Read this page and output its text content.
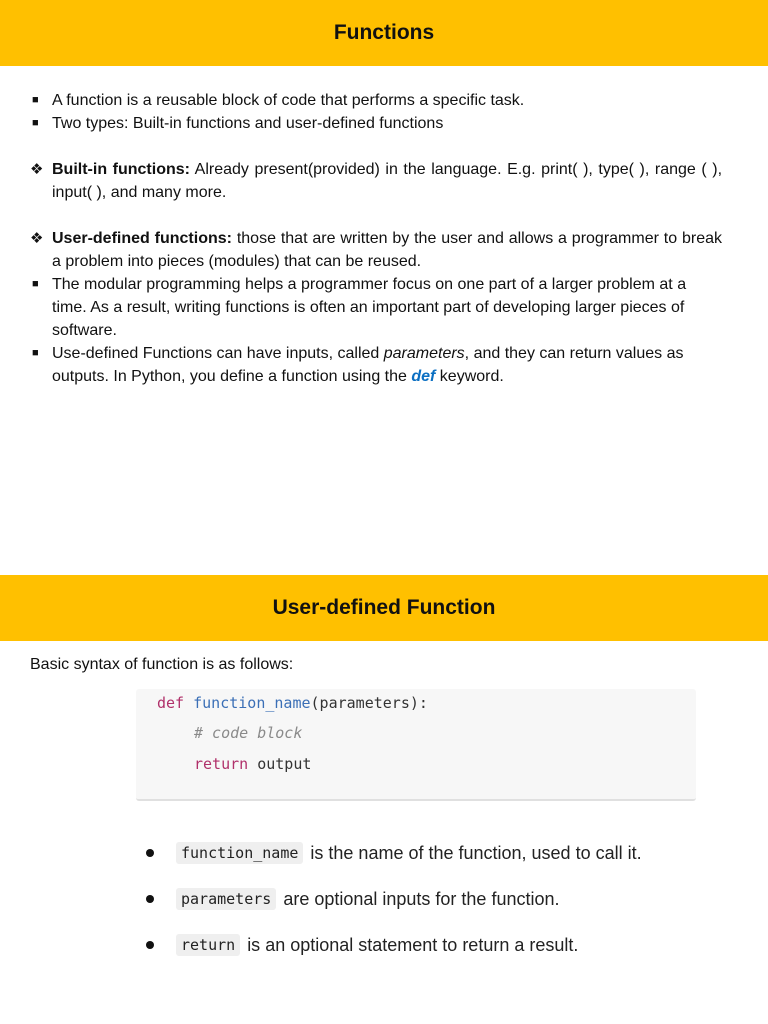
Functions
■ A function is a reusable block of code that performs a specific task.
■ Two types: Built-in functions and user-defined functions
❖ Built-in functions: Already present(provided) in the language. E.g. print( ), type( ), range ( ), input( ), and many more.
❖ User-defined functions: those that are written by the user and allows a programmer to break a problem into pieces (modules) that can be reused.
■ The modular programming helps a programmer focus on one part of a larger problem at a time. As a result, writing functions is often an important part of developing larger pieces of software.
■ Use-defined Functions can have inputs, called parameters, and they can return values as outputs. In Python, you define a function using the def keyword.
User-defined Function
Basic syntax of function is as follows:
def function_name(parameters):
# code block
return output
function_name is the name of the function, used to call it.
parameters are optional inputs for the function.
return is an optional statement to return a result.
